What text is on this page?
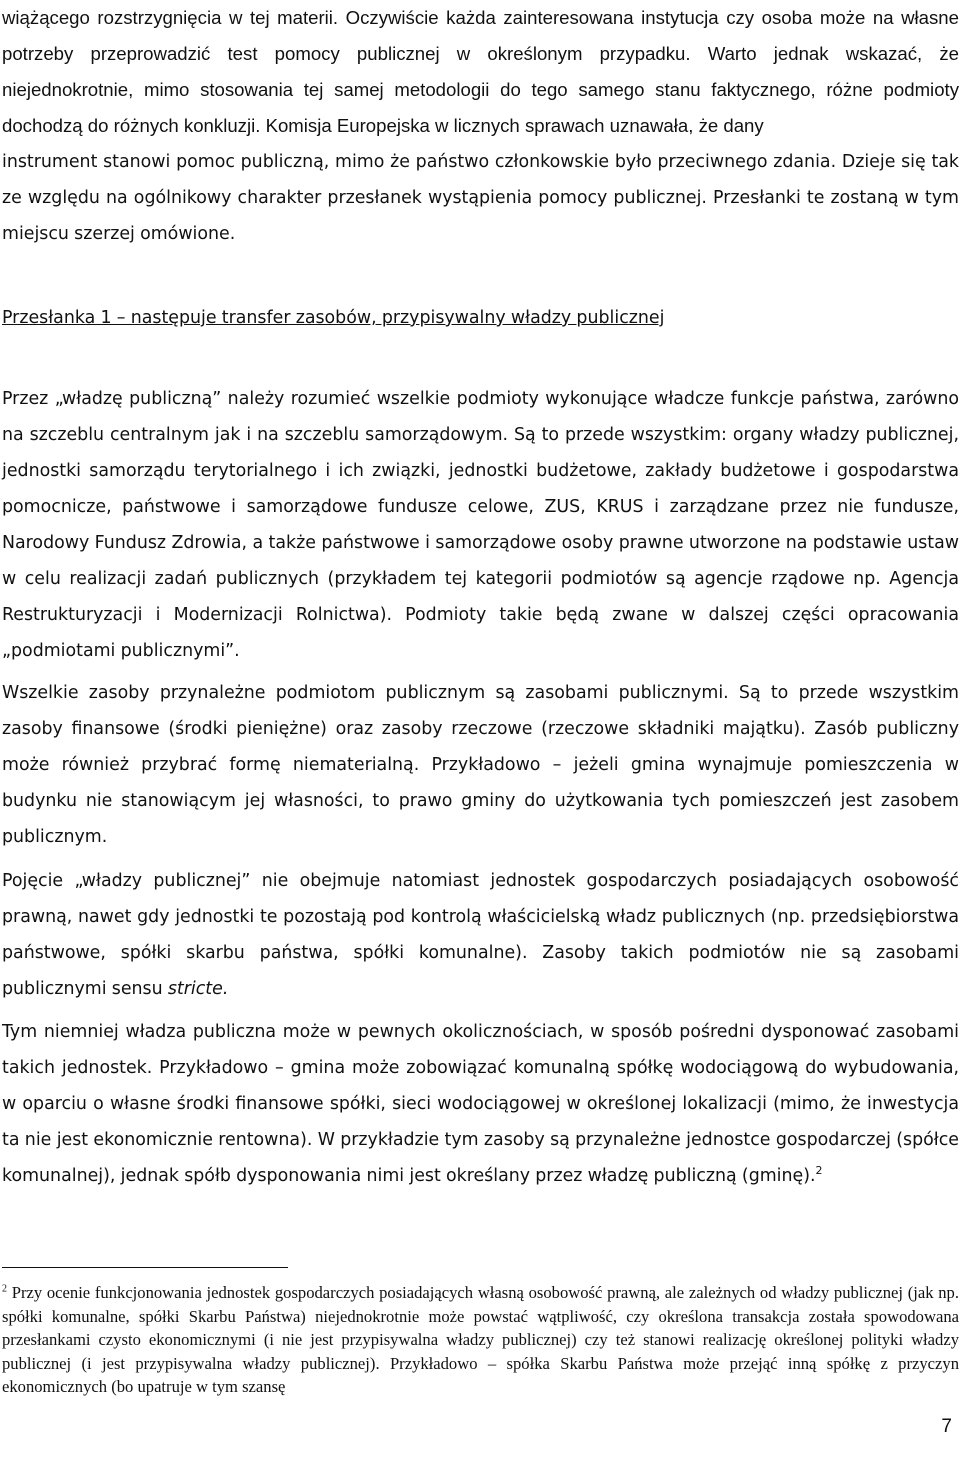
wiążącego rozstrzygnięcia w tej materii. Oczywiście każda zainteresowana instytucja czy osoba może na własne potrzeby przeprowadzić test pomocy publicznej w określonym przypadku. Warto jednak wskazać, że niejednokrotnie, mimo stosowania tej samej metodologii do tego samego stanu faktycznego, różne podmioty dochodzą do różnych konkluzji. Komisja Europejska w licznych sprawach uznawała, że dany

instrument stanowi pomoc publiczną, mimo że państwo członkowskie było przeciwnego zdania. Dzieje się tak ze względu na ogólnikowy charakter przesłanek wystąpienia pomocy publicznej. Przesłanki te zostaną w tym miejscu szerzej omówione.

Przesłanka 1 – następuje transfer zasobów, przypisywalny władzy publicznej

Przez „władzę publiczną” należy rozumieć wszelkie podmioty wykonujące władcze funkcje państwa, zarówno na szczeblu centralnym jak i na szczeblu samorządowym. Są to przede wszystkim: organy władzy publicznej, jednostki samorządu terytorialnego i ich związki, jednostki budżetowe, zakłady budżetowe i gospodarstwa pomocnicze, państwowe i samorządowe fundusze celowe, ZUS, KRUS i zarządzane przez nie fundusze, Narodowy Fundusz Zdrowia, a także państwowe i samorządowe osoby prawne utworzone na podstawie ustaw w celu realizacji zadań publicznych (przykładem tej kategorii podmiotów są agencje rządowe np. Agencja Restrukturyzacji i Modernizacji Rolnictwa). Podmioty takie będą zwane w dalszej części opracowania „podmiotami publicznymi”.

Wszelkie zasoby przynależne podmiotom publicznym są zasobami publicznymi. Są to przede wszystkim zasoby finansowe (środki pieniężne) oraz zasoby rzeczowe (rzeczowe składniki majątku). Zasób publiczny może również przybrać formę niematerialną. Przykładowo – jeżeli gmina wynajmuje pomieszczenia w budynku nie stanowiącym jej własności, to prawo gminy do użytkowania tych pomieszczeń jest zasobem publicznym.

Pojęcie „władzy publicznej” nie obejmuje natomiast jednostek gospodarczych posiadających osobowość prawną, nawet gdy jednostki te pozostają pod kontrolą właścicielską władz publicznych (np. przedsiębiorstwa państwowe, spółki skarbu państwa, spółki komunalne). Zasoby takich podmiotów nie są zasobami publicznymi sensu stricte.

Tym niemniej władza publiczna może w pewnych okolicznościach, w sposób pośredni dysponować zasobami takich jednostek. Przykładowo – gmina może zobowiązać komunalną spółkę wodociągową do wybudowania, w oparciu o własne środki finansowe spółki, sieci wodociągowej w określonej lokalizacji (mimo, że inwestycja ta nie jest ekonomicznie rentowna). W przykładzie tym zasoby są przynależne jednostce gospodarczej (spółce komunalnej), jednak spółb dysponowania nimi jest określany przez władzę publiczną (gminę).$^2$

$^2$ Przy ocenie funkcjonowania jednostek gospodarczych posiadających własną osobowość prawną, ale zależnych od władzy publicznej (jak np. spółki komunalne, spółki Skarbu Państwa) niejednokrotnie może powstać wątpliwość, czy określona transakcja została spowodowana przesłankami czysto ekonomicznymi (i nie jest przypisywalna władzy publicznej) czy też stanowi realizację określonej polityki władzy publicznej (i jest przypisywalna władzy publicznej). Przykładowo – spółka Skarbu Państwa może przejąć inną spółkę z przyczyn ekonomicznych (bo upatruje w tym szansę

7
